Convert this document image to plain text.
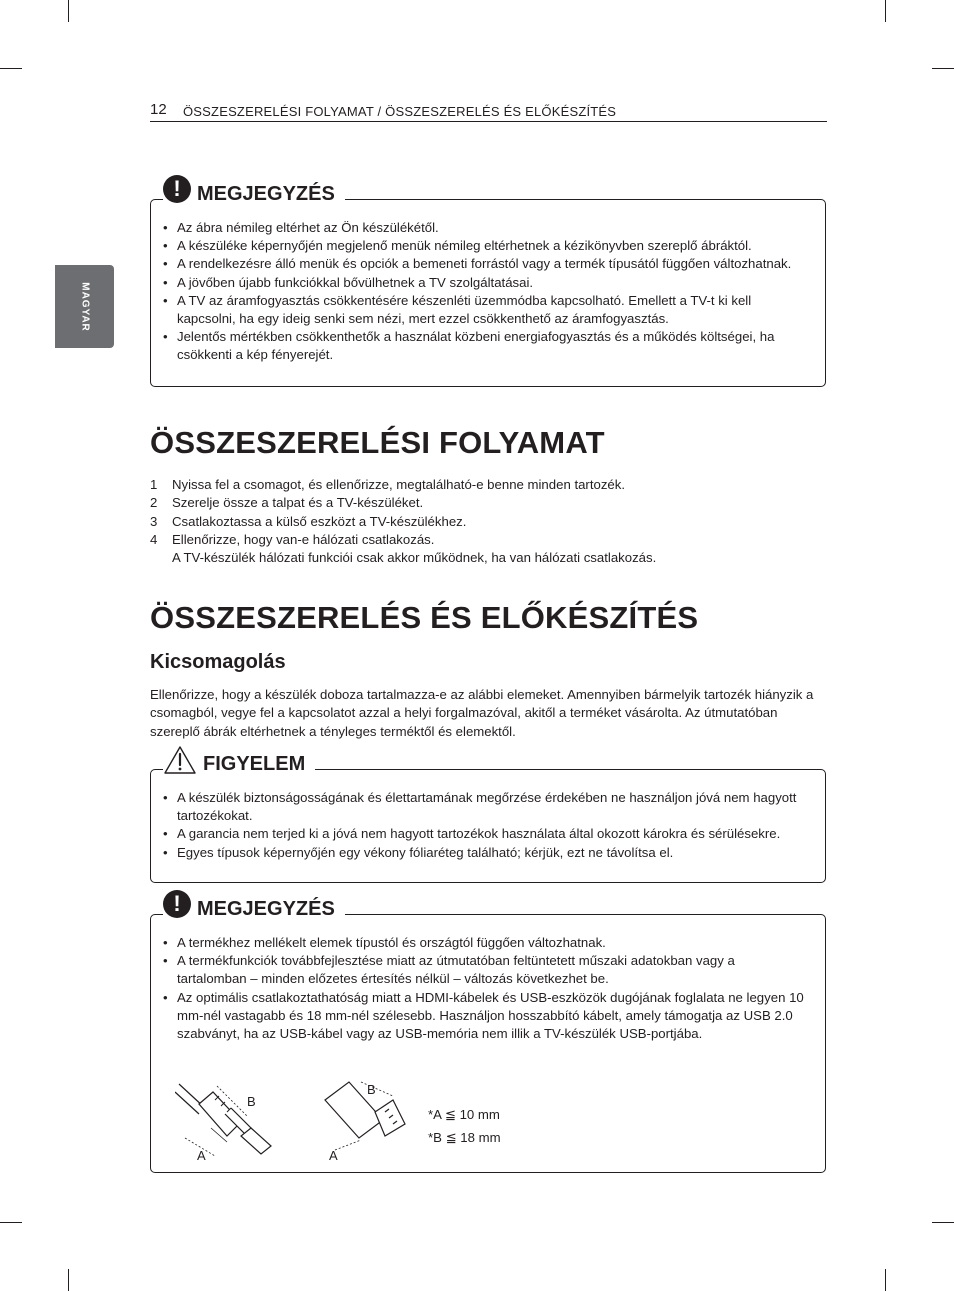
12 ÖSSZESZERELÉSI FOLYAMAT / ÖSSZESZERELÉS ÉS ELŐKÉSZÍTÉS
MAGYAR
! MEGJEGYZÉS
• Az ábra némileg eltérhet az Ön készülékétől.
• A készüléke képernyőjén megjelenő menük némileg eltérhetnek a kézikönyvben szereplő ábráktól.
• A rendelkezésre álló menük és opciók a bemeneti forrástól vagy a termék típusától függően változhatnak.
• A jövőben újabb funkciókkal bővülhetnek a TV szolgáltatásai.
• A TV az áramfogyasztás csökkentésére készenléti üzemmódba kapcsolható. Emellett a TV-t ki kell kapcsolni, ha egy ideig senki sem nézi, mert ezzel csökkenthető az áramfogyasztás.
• Jelentős mértékben csökkenthetők a használat közbeni energiafogyasztás és a működés költségei, ha csökkenti a kép fényerejét.
ÖSSZESZERELÉSI FOLYAMAT
1 Nyissa fel a csomagot, és ellenőrizze, megtalálható-e benne minden tartozék.
2 Szerelje össze a talpat és a TV-készüléket.
3 Csatlakoztassa a külső eszközt a TV-készülékhez.
4 Ellenőrizze, hogy van-e hálózati csatlakozás.
A TV-készülék hálózati funkciói csak akkor működnek, ha van hálózati csatlakozás.
ÖSSZESZERELÉS ÉS ELŐKÉSZÍTÉS
Kicsomagolás

Ellenőrizze, hogy a készülék doboza tartalmazza-e az alábbi elemeket. Amennyiben bármelyik tartozék hiányzik a csomagból, vegye fel a kapcsolatot azzal a helyi forgalmazóval, akitől a terméket vásárolta. Az útmutatóban szereplő ábrák eltérhetnek a tényleges terméktől és elemektől.

FIGYELEM
• A készülék biztonságosságának és élettartamának megőrzése érdekében ne használjon jóvá nem hagyott tartozékokat.
• A garancia nem terjed ki a jóvá nem hagyott tartozékok használata által okozott károkra és sérülésekre.
• Egyes típusok képernyőjén egy vékony fóliaréteg található; kérjük, ezt ne távolítsa el.
! MEGJEGYZÉS
• A termékhez mellékelt elemek típustól és országtól függően változhatnak.
• A termékfunkciók továbbfejlesztése miatt az útmutatóban feltüntetett műszaki adatokban vagy a tartalomban – minden előzetes értesítés nélkül – változás következhet be.
• Az optimális csatlakoztathatóság miatt a HDMI-kábelek és USB-eszközök dugójának foglalata ne legyen 10 mm-nél vastagabb és 18 mm-nél szélesebb. Használjon hosszabbító kábelt, amely támogatja az USB 2.0 szabványt, ha az USB-kábel vagy az USB-memória nem illik a TV-készülék USB-portjába.
B
A
B
A
*A ≦ 10 mm
*B ≦ 18 mm
